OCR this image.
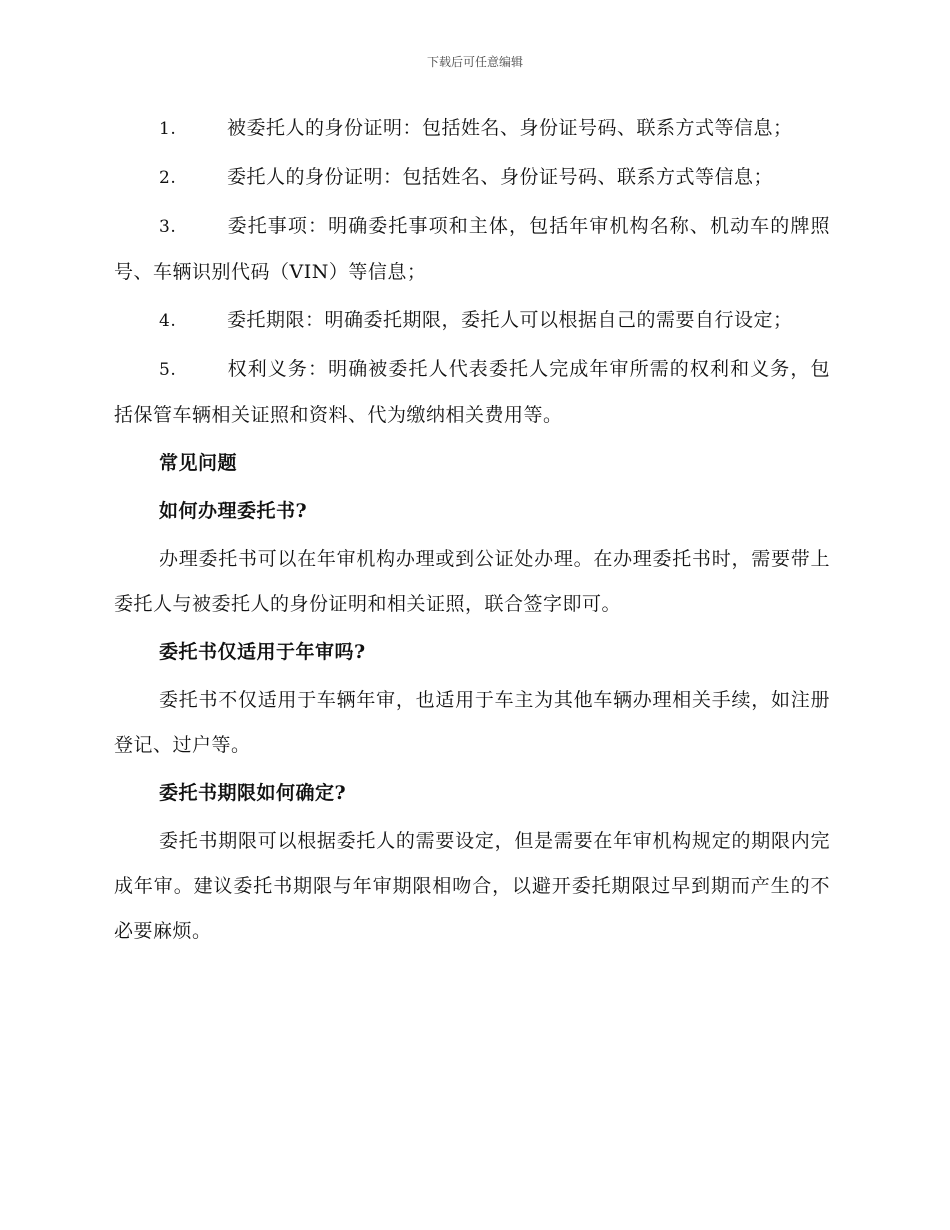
下载后可任意编辑

1.	被委托人的身份证明：包括姓名、身份证号码、联系方式等信息；

2.	委托人的身份证明：包括姓名、身份证号码、联系方式等信息；

3.	委托事项：明确委托事项和主体，包括年审机构名称、机动车的牌照号、车辆识别代码（VIN）等信息；

4.	委托期限：明确委托期限，委托人可以根据自己的需要自行设定；

5.	权利义务：明确被委托人代表委托人完成年审所需的权利和义务，包括保管车辆相关证照和资料、代为缴纳相关费用等。

常见问题

如何办理委托书?

办理委托书可以在年审机构办理或到公证处办理。在办理委托书时，需要带上委托人与被委托人的身份证明和相关证照，联合签字即可。

委托书仅适用于年审吗?

委托书不仅适用于车辆年审，也适用于车主为其他车辆办理相关手续，如注册登记、过户等。

委托书期限如何确定?

委托书期限可以根据委托人的需要设定，但是需要在年审机构规定的期限内完成年审。建议委托书期限与年审期限相吻合，以避开委托期限过早到期而产生的不必要麻烦。
